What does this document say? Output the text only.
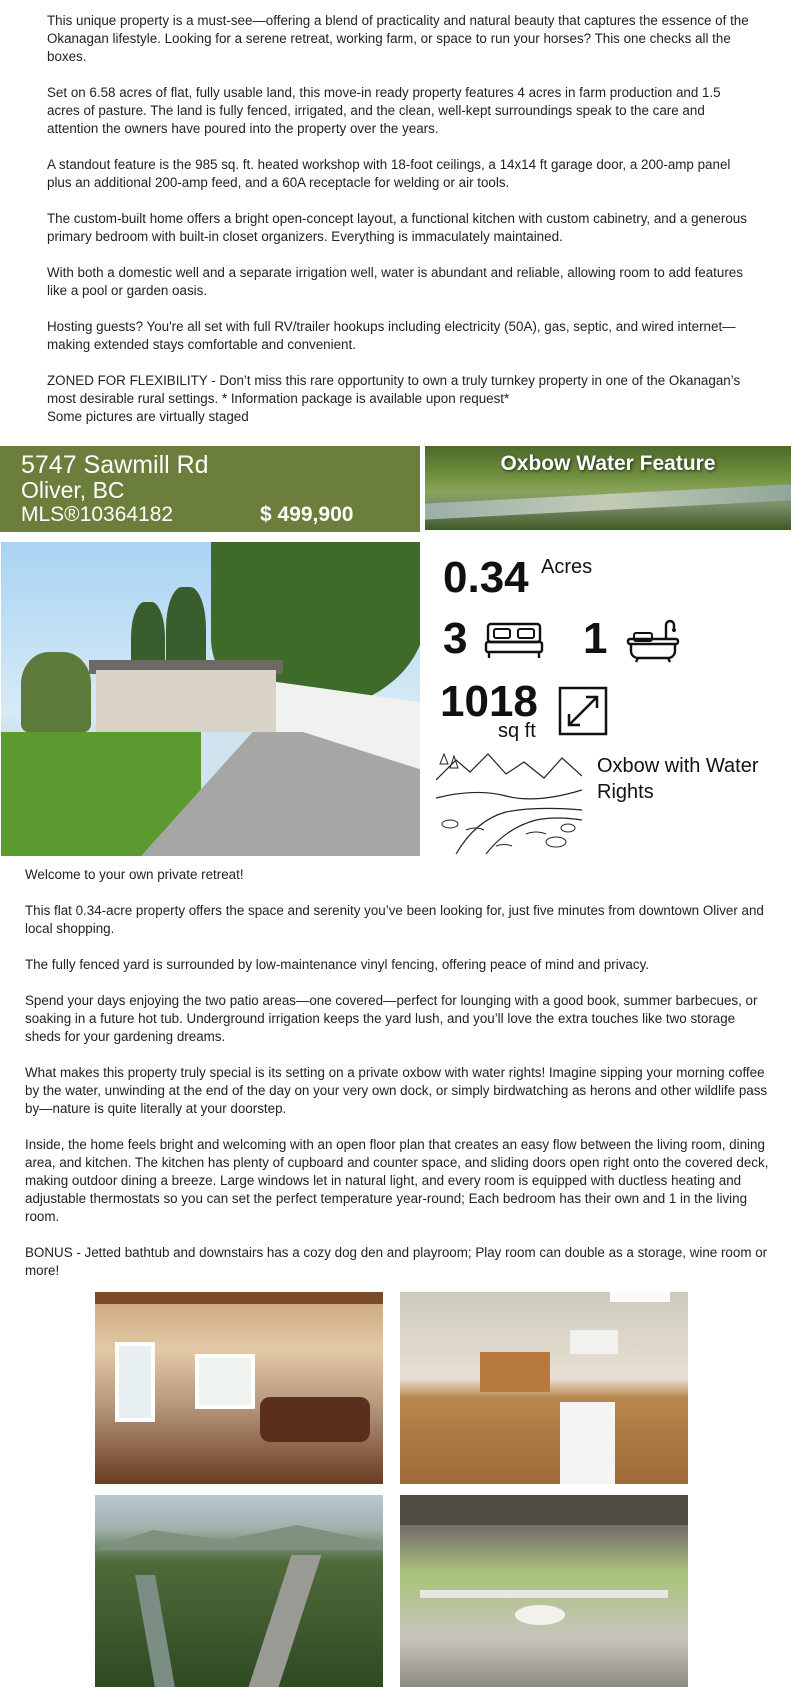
This unique property is a must-see—offering a blend of practicality and natural beauty that captures the essence of the Okanagan lifestyle. Looking for a serene retreat, working farm, or space to run your horses? This one checks all the boxes.

Set on 6.58 acres of flat, fully usable land, this move-in ready property features 4 acres in farm production and 1.5 acres of pasture. The land is fully fenced, irrigated, and the clean, well-kept surroundings speak to the care and attention the owners have poured into the property over the years.

A standout feature is the 985 sq. ft. heated workshop with 18-foot ceilings, a 14x14 ft garage door, a 200-amp panel plus an additional 200-amp feed, and a 60A receptacle for welding or air tools.

The custom-built home offers a bright open-concept layout, a functional kitchen with custom cabinetry, and a generous primary bedroom with built-in closet organizers. Everything is immaculately maintained.

With both a domestic well and a separate irrigation well, water is abundant and reliable, allowing room to add features like a pool or garden oasis.

Hosting guests? You're all set with full RV/trailer hookups including electricity (50A), gas, septic, and wired internet—making extended stays comfortable and convenient.

ZONED FOR FLEXIBILITY - Don’t miss this rare opportunity to own a truly turnkey property in one of the Okanagan’s most desirable rural settings. * Information package is available upon request*
Some pictures are virtually staged
5747 Sawmill Rd
Oliver, BC
MLS®10364182	$ 499,900
Oxbow Water Feature
0.34 Acres
3	1
1018
sq ft
Oxbow with Water Rights

Welcome to your own private retreat!

This flat 0.34-acre property offers the space and serenity you’ve been looking for, just five minutes from downtown Oliver and local shopping.

The fully fenced yard is surrounded by low-maintenance vinyl fencing, offering peace of mind and privacy.

Spend your days enjoying the two patio areas—one covered—perfect for lounging with a good book, summer barbecues, or soaking in a future hot tub. Underground irrigation keeps the yard lush, and you’ll love the extra touches like two storage sheds for your gardening dreams.

What makes this property truly special is its setting on a private oxbow with water rights! Imagine sipping your morning coffee by the water, unwinding at the end of the day on your very own dock, or simply birdwatching as herons and other wildlife pass by—nature is quite literally at your doorstep.

Inside, the home feels bright and welcoming with an open floor plan that creates an easy flow between the living room, dining area, and kitchen. The kitchen has plenty of cupboard and counter space, and sliding doors open right onto the covered deck, making outdoor dining a breeze. Large windows let in natural light, and every room is equipped with ductless heating and adjustable thermostats so you can set the perfect temperature year-round; Each bedroom has their own and 1 in the living room.

BONUS - Jetted bathtub and downstairs has a cozy dog den and playroom; Play room can double as a storage, wine room or more!
